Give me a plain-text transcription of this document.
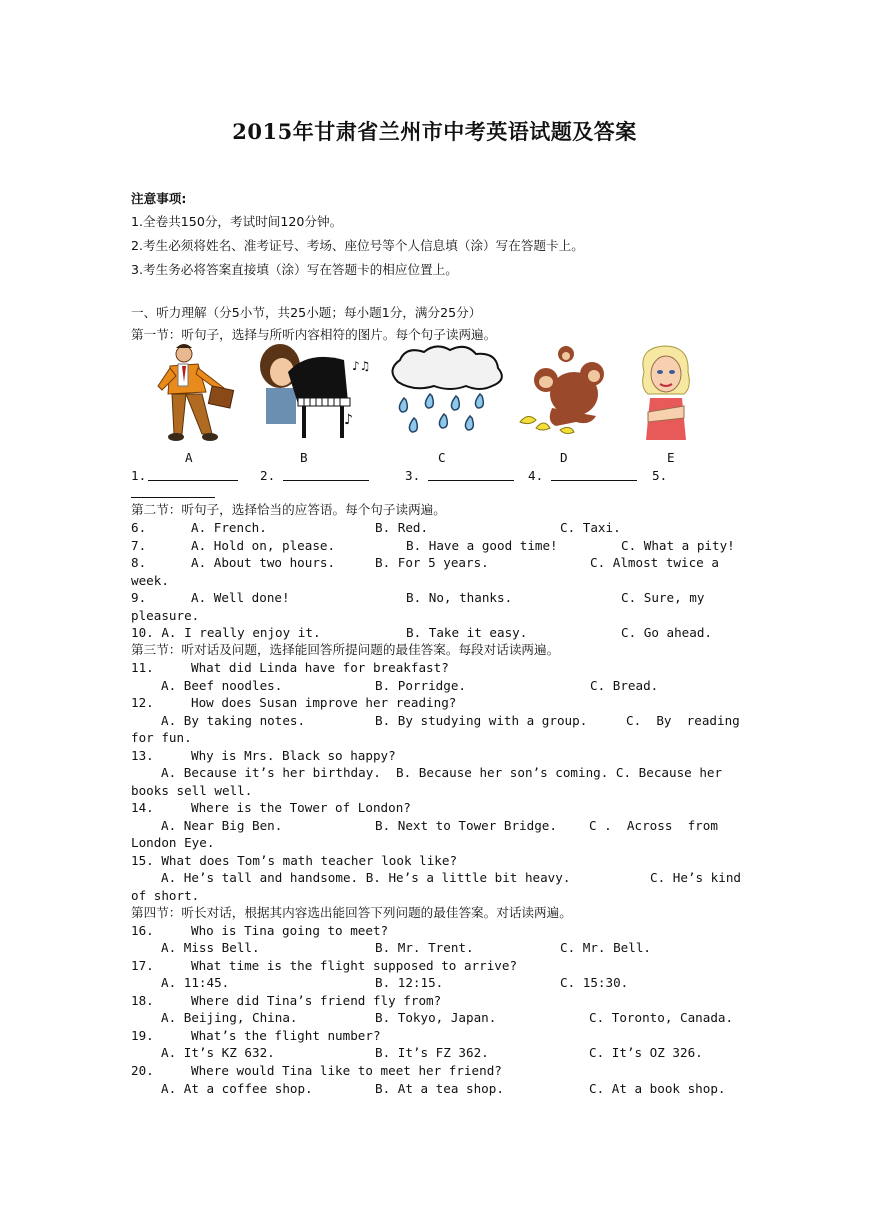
2015年甘肃省兰州市中考英语试题及答案
注意事项:
1.全卷共150分，考试时间120分钟。
2.考生必须将姓名、准考证号、考场、座位号等个人信息填（涂）写在答题卡上。
3.考生务必将答案直接填（涂）写在答题卡的相应位置上。
一、听力理解（分5小节，共25小题；每小题1分，满分25分）
第一节：听句子，选择与所听内容相符的图片。每个句子读两遍。
♪♫
♪
A	B	C	D	E
1.	2.	3.	4.	5.
第二节：听句子，选择恰当的应答语。每个句子读两遍。
6.	A. French.	B. Red.	C. Taxi.
7.	A. Hold on, please.	B. Have a good time!	C. What a pity!
8.	A. About two hours.	B. For 5 years.	C. Almost twice a
week.
9.	A. Well done!	B. No, thanks.	C. Sure, my
pleasure.
10. A. I really enjoy it.	B. Take it easy.	C. Go ahead.
第三节：听对话及问题，选择能回答所提问题的最佳答案。每段对话读两遍。
11.	What did Linda have for breakfast?
A. Beef noodles.	B. Porridge.	C. Bread.
12.	How does Susan improve her reading?
A. By taking notes.	B. By studying with a group.	C.  By  reading
for fun.
13.	Why is Mrs. Black so happy?
A. Because it’s her birthday.  B. Because her son’s coming. C. Because her
books sell well.
14.	Where is the Tower of London?
A. Near Big Ben.	B. Next to Tower Bridge.	C .  Across  from
London Eye.
15. What does Tom’s math teacher look like?
A. He’s tall and handsome. B. He’s a little bit heavy.	C. He’s kind
of short.
第四节：听长对话，根据其内容选出能回答下列问题的最佳答案。对话读两遍。
16.	Who is Tina going to meet?
A. Miss Bell.	B. Mr. Trent.	C. Mr. Bell.
17.	What time is the flight supposed to arrive?
A. 11:45.	B. 12:15.	C. 15:30.
18.	Where did Tina’s friend fly from?
A. Beijing, China.	B. Tokyo, Japan.	C. Toronto, Canada.
19.	What’s the flight number?
A. It’s KZ 632.	B. It’s FZ 362.	C. It’s OZ 326.
20.	Where would Tina like to meet her friend?
A. At a coffee shop.	B. At a tea shop.	C. At a book shop.
